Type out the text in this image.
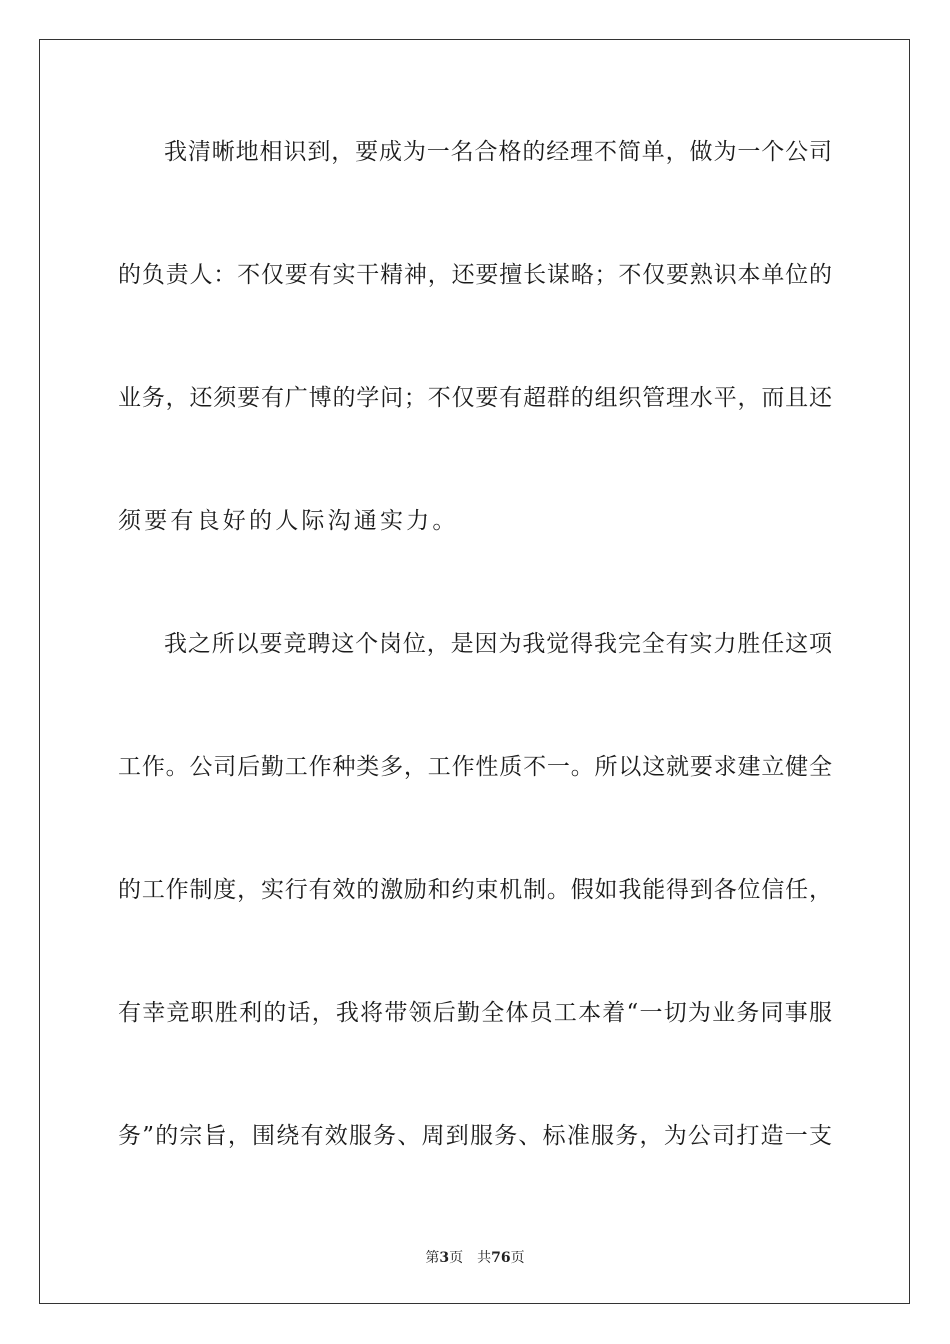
我清晰地相识到，要成为一名合格的经理不简单，做为一个公司
的负责人：不仅要有实干精神，还要擅长谋略；不仅要熟识本单位的
业务，还须要有广博的学问；不仅要有超群的组织管理水平，而且还
须要有良好的人际沟通实力。
我之所以要竞聘这个岗位，是因为我觉得我完全有实力胜任这项
工作。公司后勤工作种类多，工作性质不一。所以这就要求建立健全
的工作制度，实行有效的激励和约束机制。假如我能得到各位信任，
有幸竞职胜利的话，我将带领后勤全体员工本着“一切为业务同事服
务”的宗旨，围绕有效服务、周到服务、标准服务，为公司打造一支
第3页 共76页
